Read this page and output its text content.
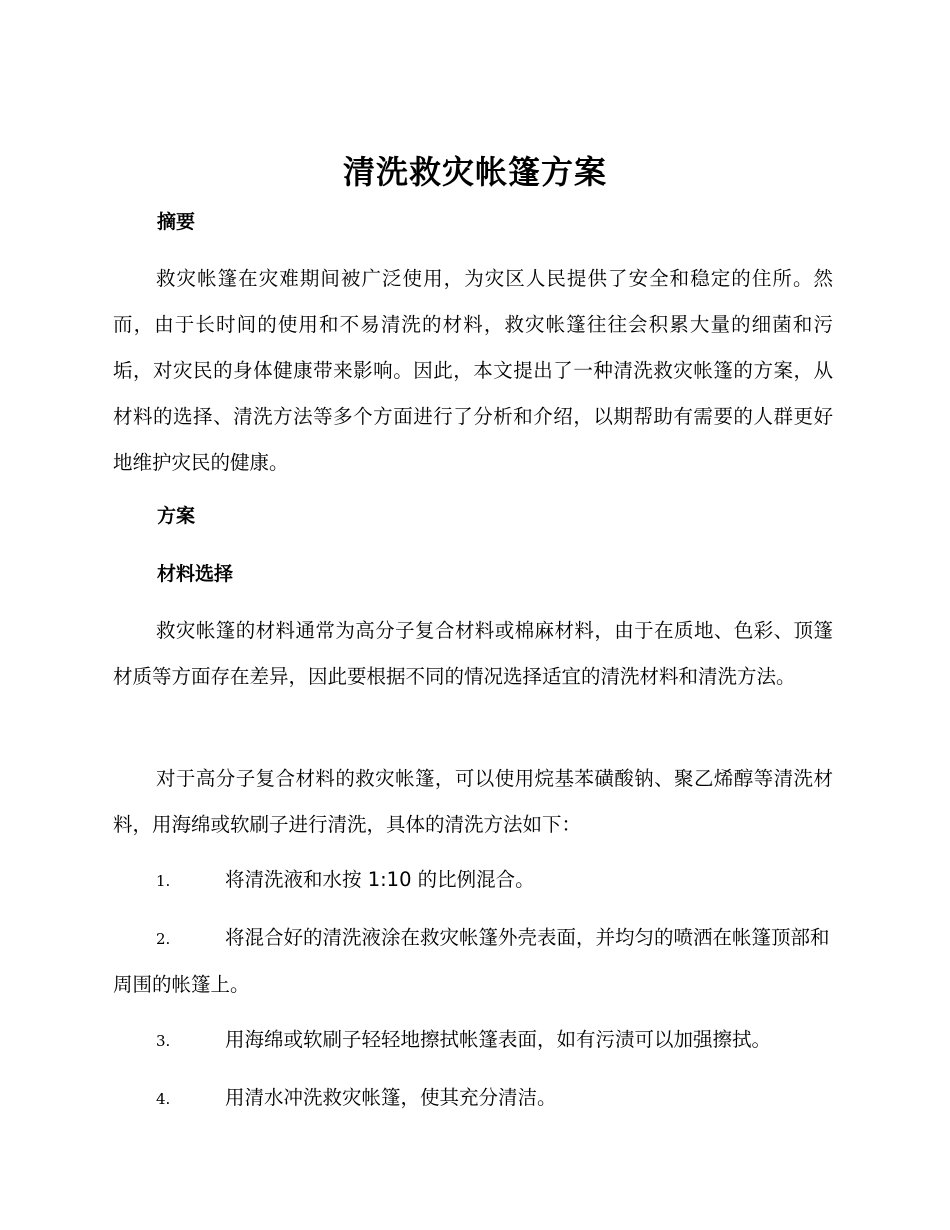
清洗救灾帐篷方案
摘要

救灾帐篷在灾难期间被广泛使用，为灾区人民提供了安全和稳定的住所。然而，由于长时间的使用和不易清洗的材料，救灾帐篷往往会积累大量的细菌和污垢，对灾民的身体健康带来影响。因此，本文提出了一种清洗救灾帐篷的方案，从材料的选择、清洗方法等多个方面进行了分析和介绍，以期帮助有需要的人群更好地维护灾民的健康。

方案
材料选择

救灾帐篷的材料通常为高分子复合材料或棉麻材料，由于在质地、色彩、顶篷材质等方面存在差异，因此要根据不同的情况选择适宜的清洗材料和清洗方法。

对于高分子复合材料的救灾帐篷，可以使用烷基苯磺酸钠、聚乙烯醇等清洗材料，用海绵或软刷子进行清洗，具体的清洗方法如下：

1.	将清洗液和水按 1:10 的比例混合。

2.	将混合好的清洗液涂在救灾帐篷外壳表面，并均匀的喷洒在帐篷顶部和周围的帐篷上。

3.	用海绵或软刷子轻轻地擦拭帐篷表面，如有污渍可以加强擦拭。

4.	用清水冲洗救灾帐篷，使其充分清洁。
